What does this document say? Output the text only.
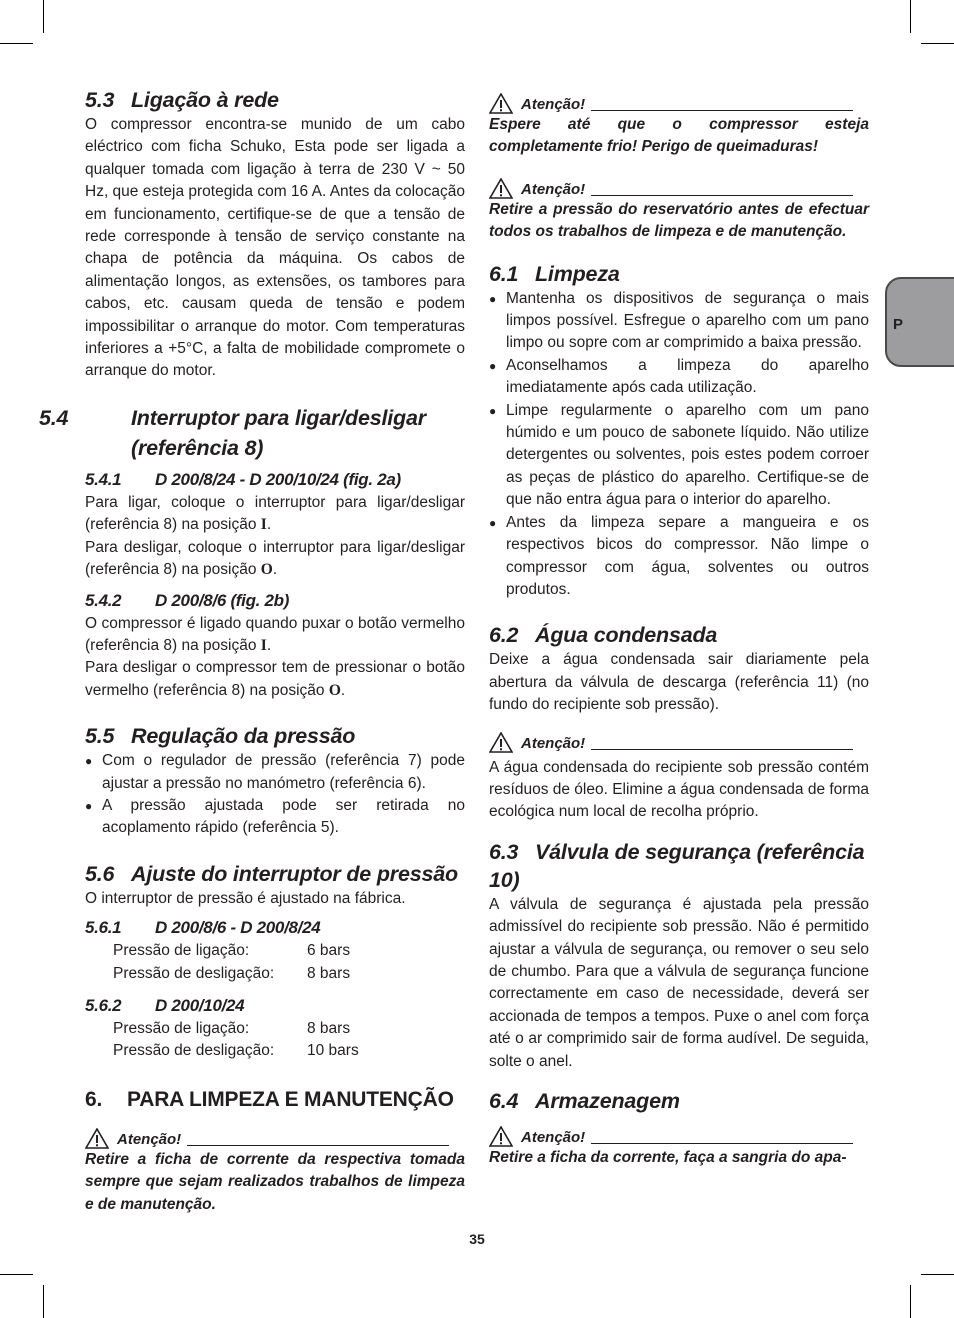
P
5.3 Ligação à rede

O compressor encontra-se munido de um cabo eléctrico com ficha Schuko, Esta pode ser ligada a qualquer tomada com ligação à terra de 230 V ~ 50 Hz, que esteja protegida com 16 A. Antes da colocação em funcionamento, certifique-se de que a tensão de rede corresponde à tensão de serviço constante na chapa de potência da máquina. Os cabos de alimentação longos, as extensões, os tambores para cabos, etc. causam queda de tensão e podem impossibilitar o arranque do motor. Com temperaturas inferiores a +5°C, a falta de mobilidade compromete o arranque do motor.

5.4	Interruptor para ligar/desligar (referência 8)
5.4.1 D 200/8/24 - D 200/10/24 (fig. 2a)

Para ligar, coloque o interruptor para ligar/desligar (referência 8) na posição I.

Para desligar, coloque o interruptor para ligar/desligar (referência 8) na posição O.

5.4.2 D 200/8/6 (fig. 2b)

O compressor é ligado quando puxar o botão vermelho (referência 8) na posição I.

Para desligar o compressor tem de pressionar o botão vermelho (referência 8) na posição O.

5.5 Regulação da pressão
● Com o regulador de pressão (referência 7) pode ajustar a pressão no manómetro (referência 6).
● A pressão ajustada pode ser retirada no acoplamento rápido (referência 5).
5.6 Ajuste do interruptor de pressão

O interruptor de pressão é ajustado na fábrica.

5.6.1 D 200/8/6 - D 200/8/24
Pressão de ligação:	6 bars
Pressão de desligação:	8 bars
5.6.2 D 200/10/24
Pressão de ligação:	8 bars
Pressão de desligação:	10 bars
6. PARA LIMPEZA E MANUTENÇÃO
Atenção!

Retire a ficha de corrente da respectiva tomada sempre que sejam realizados trabalhos de limpeza e de manutenção.

Atenção!

Espere até que o compressor esteja completamente frio! Perigo de queimaduras!

Atenção!

Retire a pressão do reservatório antes de efectuar todos os trabalhos de limpeza e de manutenção.

6.1 Limpeza
● Mantenha os dispositivos de segurança o mais limpos possível. Esfregue o aparelho com um pano limpo ou sopre com ar comprimido a baixa pressão.
● Aconselhamos a limpeza do aparelho imediatamente após cada utilização.
● Limpe regularmente o aparelho com um pano húmido e um pouco de sabonete líquido. Não utilize detergentes ou solventes, pois estes podem corroer as peças de plástico do aparelho. Certifique-se de que não entra água para o interior do aparelho.
● Antes da limpeza separe a mangueira e os respectivos bicos do compressor. Não limpe o compressor com água, solventes ou outros produtos.
6.2 Água condensada

Deixe a água condensada sair diariamente pela abertura da válvula de descarga (referência 11) (no fundo do recipiente sob pressão).

Atenção!

A água condensada do recipiente sob pressão contém resíduos de óleo. Elimine a água condensada de forma ecológica num local de recolha próprio.

6.3 Válvula de segurança (referência 10)

A válvula de segurança é ajustada pela pressão admissível do recipiente sob pressão. Não é permitido ajustar a válvula de segurança, ou remover o seu selo de chumbo. Para que a válvula de segurança funcione correctamente em caso de necessidade, deverá ser accionada de tempos a tempos. Puxe o anel com força até o ar comprimido sair de forma audível. De seguida, solte o anel.

6.4 Armazenagem
Atenção!

Retire a ficha da corrente, faça a sangria do apa-

35
